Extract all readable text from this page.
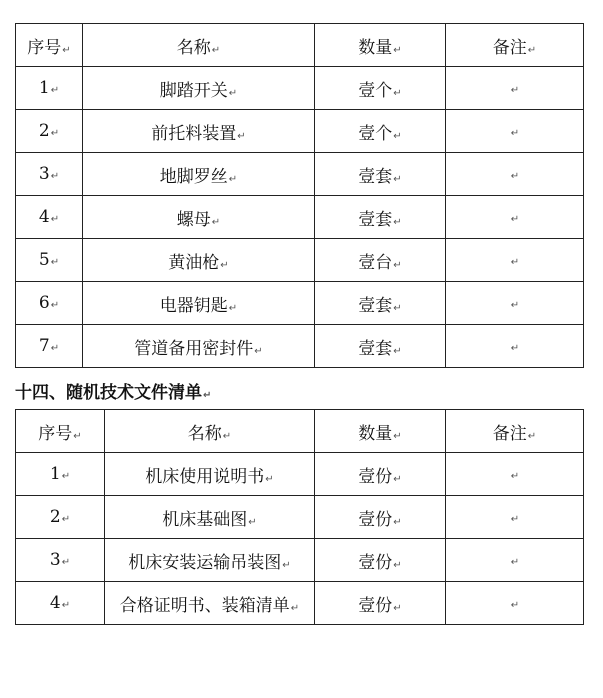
序号↵	名称↵	数量↵	备注↵
1↵	脚踏开关↵	壹个↵	↵
2↵	前托料装置↵	壹个↵	↵
3↵	地脚罗丝↵	壹套↵	↵
4↵	螺母↵	壹套↵	↵
5↵	黄油枪↵	壹台↵	↵
6↵	电器钥匙↵	壹套↵	↵
7↵	管道备用密封件↵	壹套↵	↵
十四、随机技术文件清单↵
序号↵	名称↵	数量↵	备注↵
1↵	机床使用说明书↵	壹份↵	↵
2↵	机床基础图↵	壹份↵	↵
3↵	机床安装运输吊装图↵	壹份↵	↵
4↵	合格证明书、装箱清单↵	壹份↵	↵
